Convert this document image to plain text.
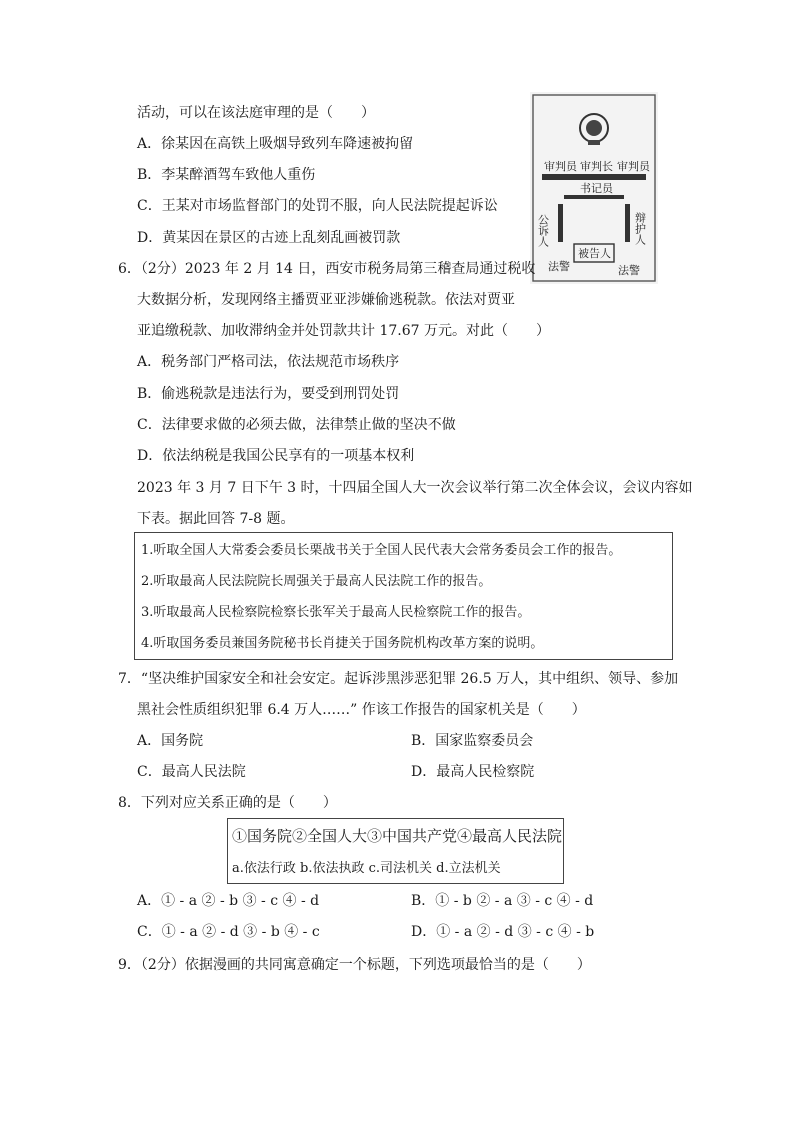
活动，可以在该法庭审理的是（　　）
A．徐某因在高铁上吸烟导致列车降速被拘留
B．李某醉酒驾车致他人重伤
C．王某对市场监督部门的处罚不服，向人民法院提起诉讼
D．黄某因在景区的古迹上乱刻乱画被罚款
审判员 审判长 审判员
书记员
公诉人	辩护人
被告人
法警	法警
6．（2分）2023 年 2 月 14 日，西安市税务局第三稽查局通过税收
大数据分析，发现网络主播贾亚亚涉嫌偷逃税款。依法对贾亚
亚追缴税款、加收滞纳金并处罚款共计 17.67 万元。对此（　　）
A．税务部门严格司法，依法规范市场秩序
B．偷逃税款是违法行为，要受到刑罚处罚
C．法律要求做的必须去做，法律禁止做的坚决不做
D．依法纳税是我国公民享有的一项基本权利
2023 年 3 月 7 日下午 3 时，十四届全国人大一次会议举行第二次全体会议，会议内容如
下表。据此回答 7-8 题。
1.听取全国人大常委会委员长栗战书关于全国人民代表大会常务委员会工作的报告。
2.听取最高人民法院院长周强关于最高人民法院工作的报告。
3.听取最高人民检察院检察长张军关于最高人民检察院工作的报告。
4.听取国务委员兼国务院秘书长肖捷关于国务院机构改革方案的说明。
7．“坚决维护国家安全和社会安定。起诉涉黑涉恶犯罪 26.5 万人，其中组织、领导、参加
黑社会性质组织犯罪 6.4 万人……” 作该工作报告的国家机关是（　　）
A．国务院	B．国家监察委员会
C．最高人民法院	D．最高人民检察院
8．下列对应关系正确的是（　　）
①国务院②全国人大③中国共产党④最高人民法院
a.依法行政 b.依法执政 c.司法机关 d.立法机关
A．① - a ② - b ③ - c ④ - d	B．① - b ② - a ③ - c ④ - d
C．① - a ② - d ③ - b ④ - c	D．① - a ② - d ③ - c ④ - b
9．（2分）依据漫画的共同寓意确定一个标题，下列选项最恰当的是（　　）
